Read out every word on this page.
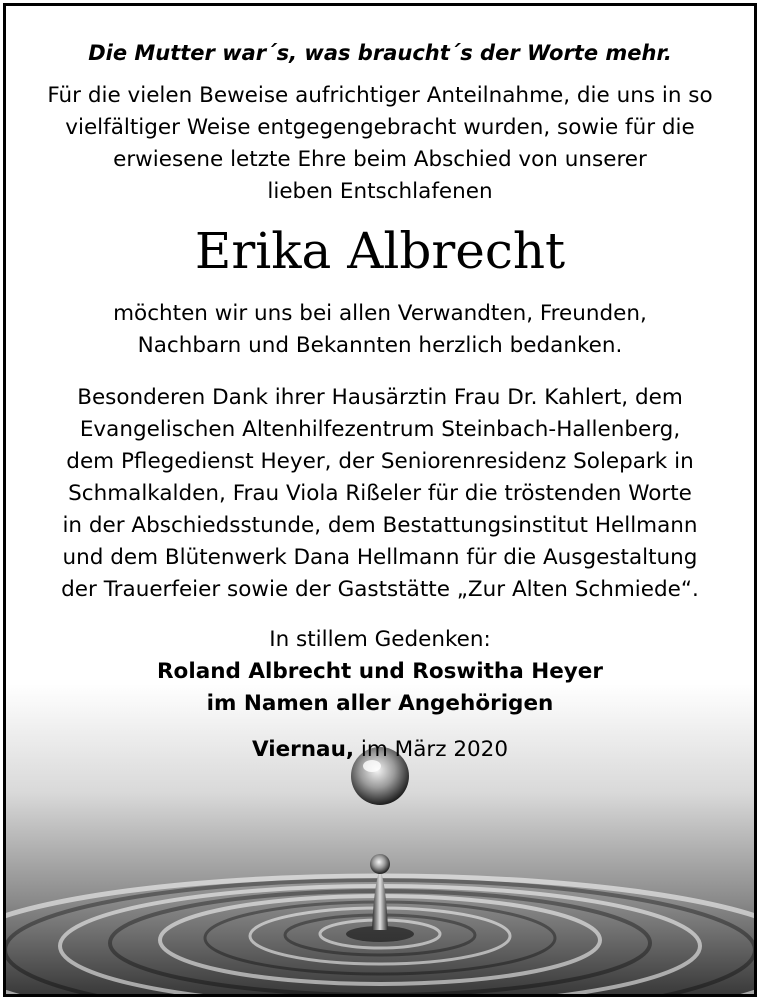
Die Mutter war´s, was braucht´s der Worte mehr.
Für die vielen Beweise aufrichtiger Anteilnahme, die uns in so
vielfältiger Weise entgegengebracht wurden, sowie für die
erwiesene letzte Ehre beim Abschied von unserer
lieben Entschlafenen
Erika Albrecht
möchten wir uns bei allen Verwandten, Freunden,
Nachbarn und Bekannten herzlich bedanken.
Besonderen Dank ihrer Hausärztin Frau Dr. Kahlert, dem
Evangelischen Altenhilfezentrum Steinbach-Hallenberg,
dem Pflegedienst Heyer, der Seniorenresidenz Solepark in
Schmalkalden, Frau Viola Rißeler für die tröstenden Worte
in der Abschiedsstunde, dem Bestattungsinstitut Hellmann
und dem Blütenwerk Dana Hellmann für die Ausgestaltung
der Trauerfeier sowie der Gaststätte „Zur Alten Schmiede“.
In stillem Gedenken:
Roland Albrecht und Roswitha Heyer
im Namen aller Angehörigen
Viernau, im März 2020
